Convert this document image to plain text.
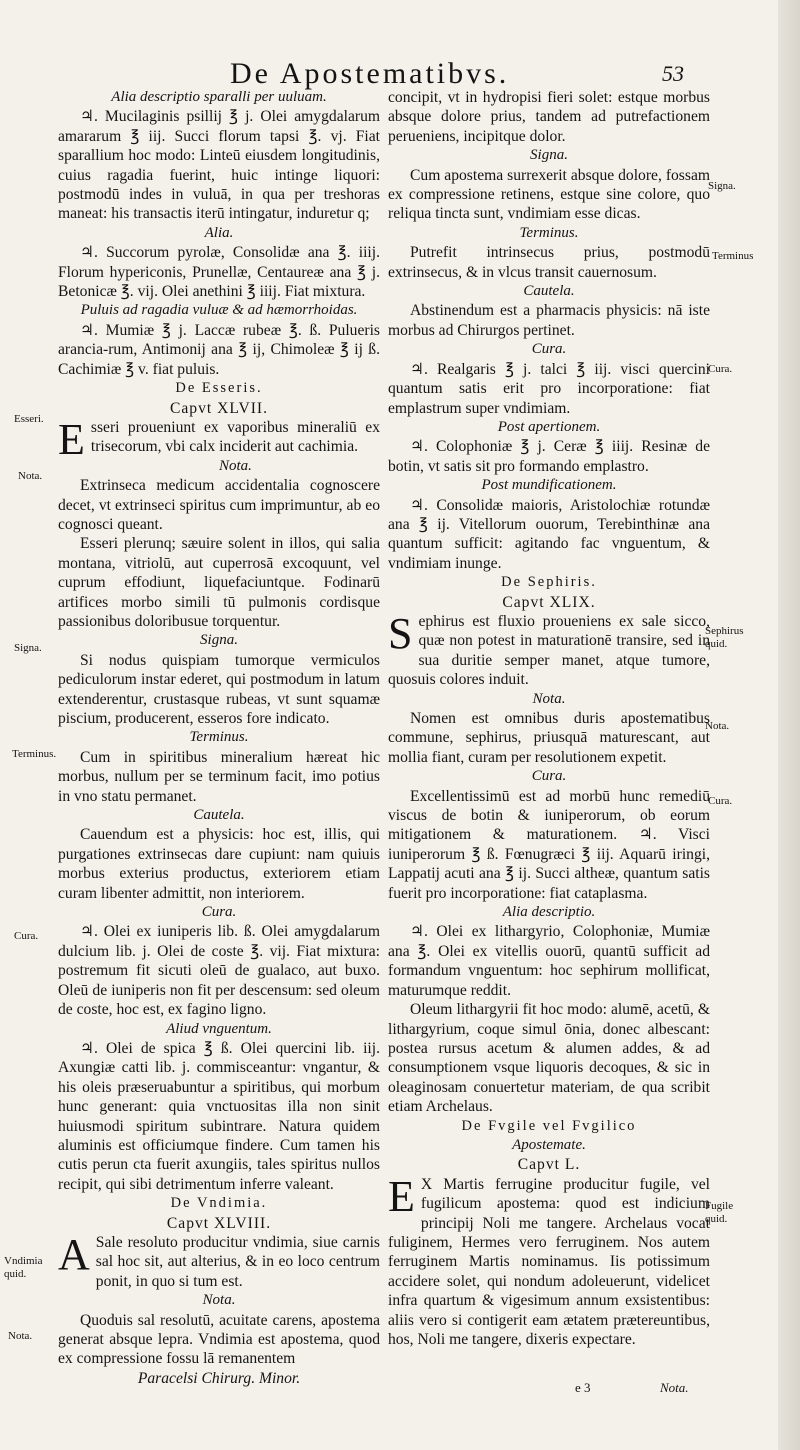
De Apostematibvs.	53

Alia descriptio sparalli per uuluam.

♃. Mucilaginis psillij ℥ j. Olei amygdalarum amararum ℥ iij. Succi florum tapsi ℥. vj. Fiat sparallium hoc modo: Linteū eiusdem longitudinis, cuius ragadia fuerint, huic intinge liquori: postmodū indes in vuluā, in qua per treshoras maneat: his transactis iterū intingatur, induretur q;

Alia.

♃. Succorum pyrolæ, Consolidæ ana ℥. iiij. Florum hypericonis, Prunellæ, Centaureæ ana ℥ j. Betonicæ ℥. vij. Olei anethini ℥ iiij. Fiat mixtura.

Puluis ad ragadia vuluæ & ad hæmorrhoidas.

♃. Mumiæ ℥ j. Laccæ rubeæ ℥. ß. Pulueris arancia-rum, Antimonij ana ℥ ij, Chimoleæ ℥ ij ß. Cachimiæ ℥ v. fiat puluis.

De Esseris.

Capvt XLVII.

Esseri proueniunt ex vaporibus mineraliū ex trisecorum, vbi calx inciderit aut cachimia.

Nota.

Extrinseca medicum accidentalia cognoscere decet, vt extrinseci spiritus cum imprimuntur, ab eo cognosci queant.

Esseri plerunq; sæuire solent in illos, qui salia montana, vitriolū, aut cuperrosā excoquunt, vel cuprum effodiunt, liquefaciuntque. Fodinarū artifices morbo simili tū pulmonis cordisque passionibus doloribusue torquentur.

Signa.

Si nodus quispiam tumorque vermiculos pediculorum instar ederet, qui postmodum in latum extenderentur, crustasque rubeas, vt sunt squamæ piscium, producerent, esseros fore indicato.

Terminus.

Cum in spiritibus mineralium hæreat hic morbus, nullum per se terminum facit, imo potius in vno statu permanet.

Cautela.

Cauendum est a physicis: hoc est, illis, qui purgationes extrinsecas dare cupiunt: nam quiuis morbus exterius productus, exteriorem etiam curam libenter admittit, non interiorem.

Cura.

♃. Olei ex iuniperis lib. ß. Olei amygdalarum dulcium lib. j. Olei de coste ℥. vij. Fiat mixtura: postremum fit sicuti oleū de gualaco, aut buxo. Oleū de iuniperis non fit per descensum: sed oleum de coste, hoc est, ex fagino ligno.

Aliud vnguentum.

♃. Olei de spica ℥ ß. Olei quercini lib. iij. Axungiæ catti lib. j. commisceantur: vngantur, & his oleis præseruabuntur a spiritibus, qui morbum hunc generant: quia vnctuositas illa non sinit huiusmodi spiritum subintrare. Natura quidem aluminis est officiumque findere. Cum tamen his cutis perun cta fuerit axungiis, tales spiritus nullos recipit, qui sibi detrimentum inferre valeant.

De Vndimia.

Capvt XLVIII.

A Sale resoluto producitur vndimia, siue carnis sal hoc sit, aut alterius, & in eo loco centrum ponit, in quo si tum est.

Nota.

Quoduis sal resolutū, acuitate carens, apostema generat absque lepra. Vndimia est apostema, quod ex compressione fossu lā remanentem

Paracelsi Chirurg. Minor.

concipit, vt in hydropisi fieri solet: estque morbus absque dolore prius, tandem ad putrefactionem perueniens, incipitque dolor.

Signa.

Cum apostema surrexerit absque dolore, fossam ex compressione retinens, estque sine colore, quo reliqua tincta sunt, vndimiam esse dicas.

Terminus.

Putrefit intrinsecus prius, postmodū extrinsecus, & in vlcus transit cauernosum.

Cautela.

Abstinendum est a pharmacis physicis: nā iste morbus ad Chirurgos pertinet.

Cura.

♃. Realgaris ℥ j. talci ℥ iij. visci quercini quantum satis erit pro incorporatione: fiat emplastrum super vndimiam.

Post apertionem.

♃. Colophoniæ ℥ j. Ceræ ℥ iiij. Resinæ de botin, vt satis sit pro formando emplastro.

Post mundificationem.

♃. Consolidæ maioris, Aristolochiæ rotundæ ana ℥ ij. Vitellorum ouorum, Terebinthinæ ana quantum sufficit: agitando fac vnguentum, & vndimiam inunge.

De Sephiris.

Capvt XLIX.

Sephirus est fluxio proueniens ex sale sicco, quæ non potest in maturationē transire, sed in sua duritie semper manet, atque tumore, quosuis colores induit.

Nota.

Nomen est omnibus duris apostematibus commune, sephirus, priusquā maturescant, aut mollia fiant, curam per resolutionem expetit.

Cura.

Excellentissimū est ad morbū hunc remediū viscus de botin & iuniperorum, ob eorum mitigationem & maturationem. ♃. Visci iuniperorum ℥ ß. Fœnugræci ℥ iij. Aquarū iringi, Lappatij acuti ana ℥ ij. Succi altheæ, quantum satis fuerit pro incorporatione: fiat cataplasma.

Alia descriptio.

♃. Olei ex lithargyrio, Colophoniæ, Mumiæ ana ℥. Olei ex vitellis ouorū, quantū sufficit ad formandum vnguentum: hoc sephirum mollificat, maturumque reddit.

Oleum lithargyrii fit hoc modo: alumē, acetū, & lithargyrium, coque simul ōnia, donec albescant: postea rursus acetum & alumen addes, & ad consumptionem vsque liquoris decoques, & sic in oleaginosam conuertetur materiam, de qua scribit etiam Archelaus.

De Fvgile vel Fvgilico

Apostemate.

Capvt L.

E X Martis ferrugine producitur fugile, vel fugilicum apostema: quod est indicium principij Noli me tangere. Archelaus vocat fuliginem, Hermes vero ferruginem. Nos autem ferruginem Martis nominamus. Iis potissimum accidere solet, qui nondum adoleuerunt, videlicet infra quartum & vigesimum annum exsistentibus: aliis vero si contigerit eam ætatem prætereuntibus, hos, Noli me tangere, dixeris expectare.

e 3	Nota.
Esseri.
Nota.
Signa.
Terminus.
Cura.
Vndimia quid.
Nota.
Signa.
Terminus
Cura.
Sephirus quid.
Nota.
Cura.
Fugile quid.
